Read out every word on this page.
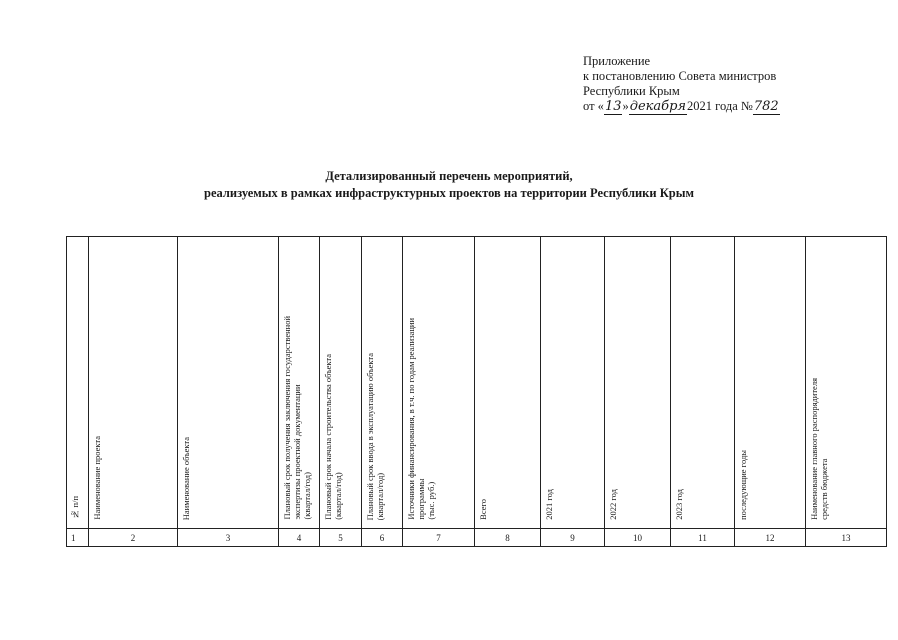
Приложение
к постановлению Совета министров
Республики Крым
от «13»декабря2021 года №782
Детализированный перечень мероприятий,
реализуемых в рамках инфраструктурных проектов на территории Республики Крым
№ п/п	Наименование проекта	Наименование объекта	Плановый срок получения заключения государственной
экспертизы проектной документации
(квартал/год)	Плановый срок начала строительства объекта
(квартал/год)	Плановый срок ввода в эксплуатацию объекта
(квартал/год)	Источники финансирования, в т.ч. по годам реализации
программы
(тыс. руб.)	Всего	2021 год	2022 год	2023 год	последующие годы	Наименование главного распорядителя
средств бюджета
1	2	3	4	5	6	7	8	9	10	11	12	13
